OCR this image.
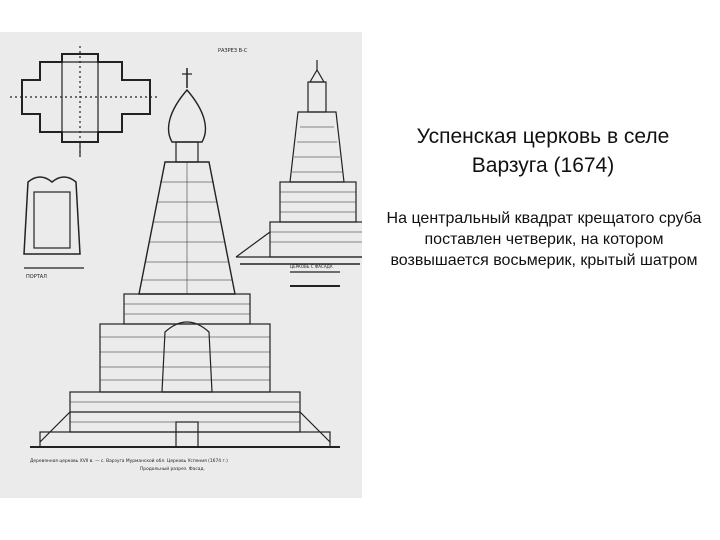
РАЗРЕЗ В-С
ПОРТАЛ
ЦЕРКОВЬ С ФАСАДА
Деревянная церковь XVII в. — с. Варзуга Мурманской обл. Церковь Успения (1674 г.)
Продольный разрез. Фасад.
Успенская церковь в селе
Варзуга (1674)
На центральный квадрат крещатого сруба поставлен четверик, на котором возвышается восьмерик, крытый шатром
